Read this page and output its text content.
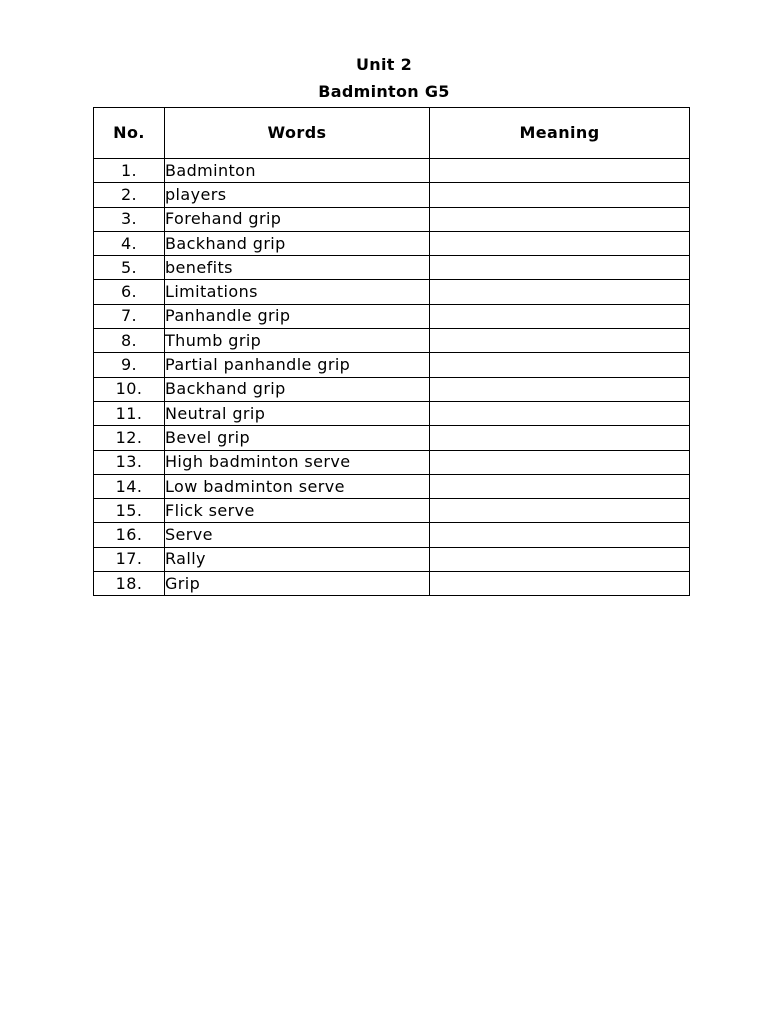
Unit 2
Badminton G5
No.	Words	Meaning
1.	Badminton	
2.	players	
3.	Forehand grip	
4.	Backhand grip	
5.	benefits	
6.	Limitations	
7.	Panhandle grip	
8.	Thumb grip	
9.	Partial panhandle grip	
10.	Backhand grip	
11.	Neutral grip	
12.	Bevel grip	
13.	High badminton serve	
14.	Low badminton serve	
15.	Flick serve	
16.	Serve	
17.	Rally	
18.	Grip	
